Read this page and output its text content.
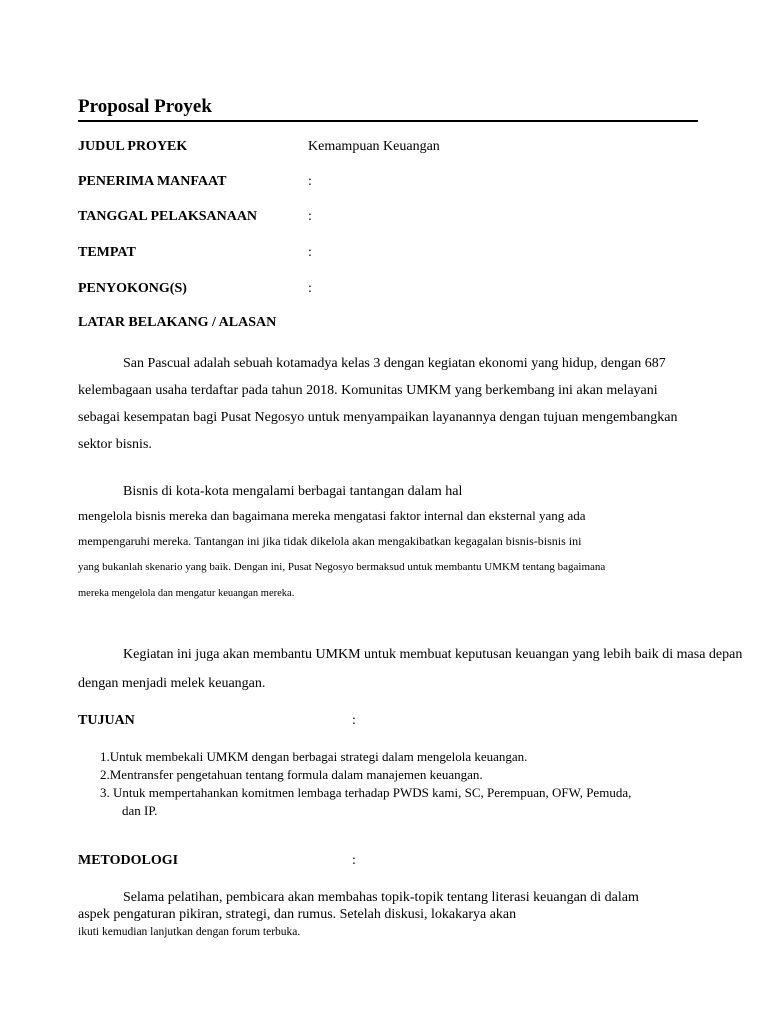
Proposal Proyek
JUDUL PROYEK	Kemampuan Keuangan
PENERIMA MANFAAT	:
TANGGAL PELAKSANAAN	:
TEMPAT	:
PENYOKONG(S)	:
LATAR BELAKANG / ALASAN
San Pascual adalah sebuah kotamadya kelas 3 dengan kegiatan ekonomi yang hidup, dengan 687
kelembagaan usaha terdaftar pada tahun 2018. Komunitas UMKM yang berkembang ini akan melayani
sebagai kesempatan bagi Pusat Negosyo untuk menyampaikan layanannya dengan tujuan mengembangkan
sektor bisnis.
Bisnis di kota-kota mengalami berbagai tantangan dalam hal
mengelola bisnis mereka dan bagaimana mereka mengatasi faktor internal dan eksternal yang ada
mempengaruhi mereka. Tantangan ini jika tidak dikelola akan mengakibatkan kegagalan bisnis-bisnis ini
yang bukanlah skenario yang baik. Dengan ini, Pusat Negosyo bermaksud untuk membantu UMKM tentang bagaimana
mereka mengelola dan mengatur keuangan mereka.
Kegiatan ini juga akan membantu UMKM untuk membuat keputusan keuangan yang lebih baik di masa depan
dengan menjadi melek keuangan.
TUJUAN	:
1.Untuk membekali UMKM dengan berbagai strategi dalam mengelola keuangan.
2.Mentransfer pengetahuan tentang formula dalam manajemen keuangan.
3. Untuk mempertahankan komitmen lembaga terhadap PWDS kami, SC, Perempuan, OFW, Pemuda,
dan IP.
METODOLOGI	:
Selama pelatihan, pembicara akan membahas topik-topik tentang literasi keuangan di dalam
aspek pengaturan pikiran, strategi, dan rumus. Setelah diskusi, lokakarya akan
ikuti kemudian lanjutkan dengan forum terbuka.
